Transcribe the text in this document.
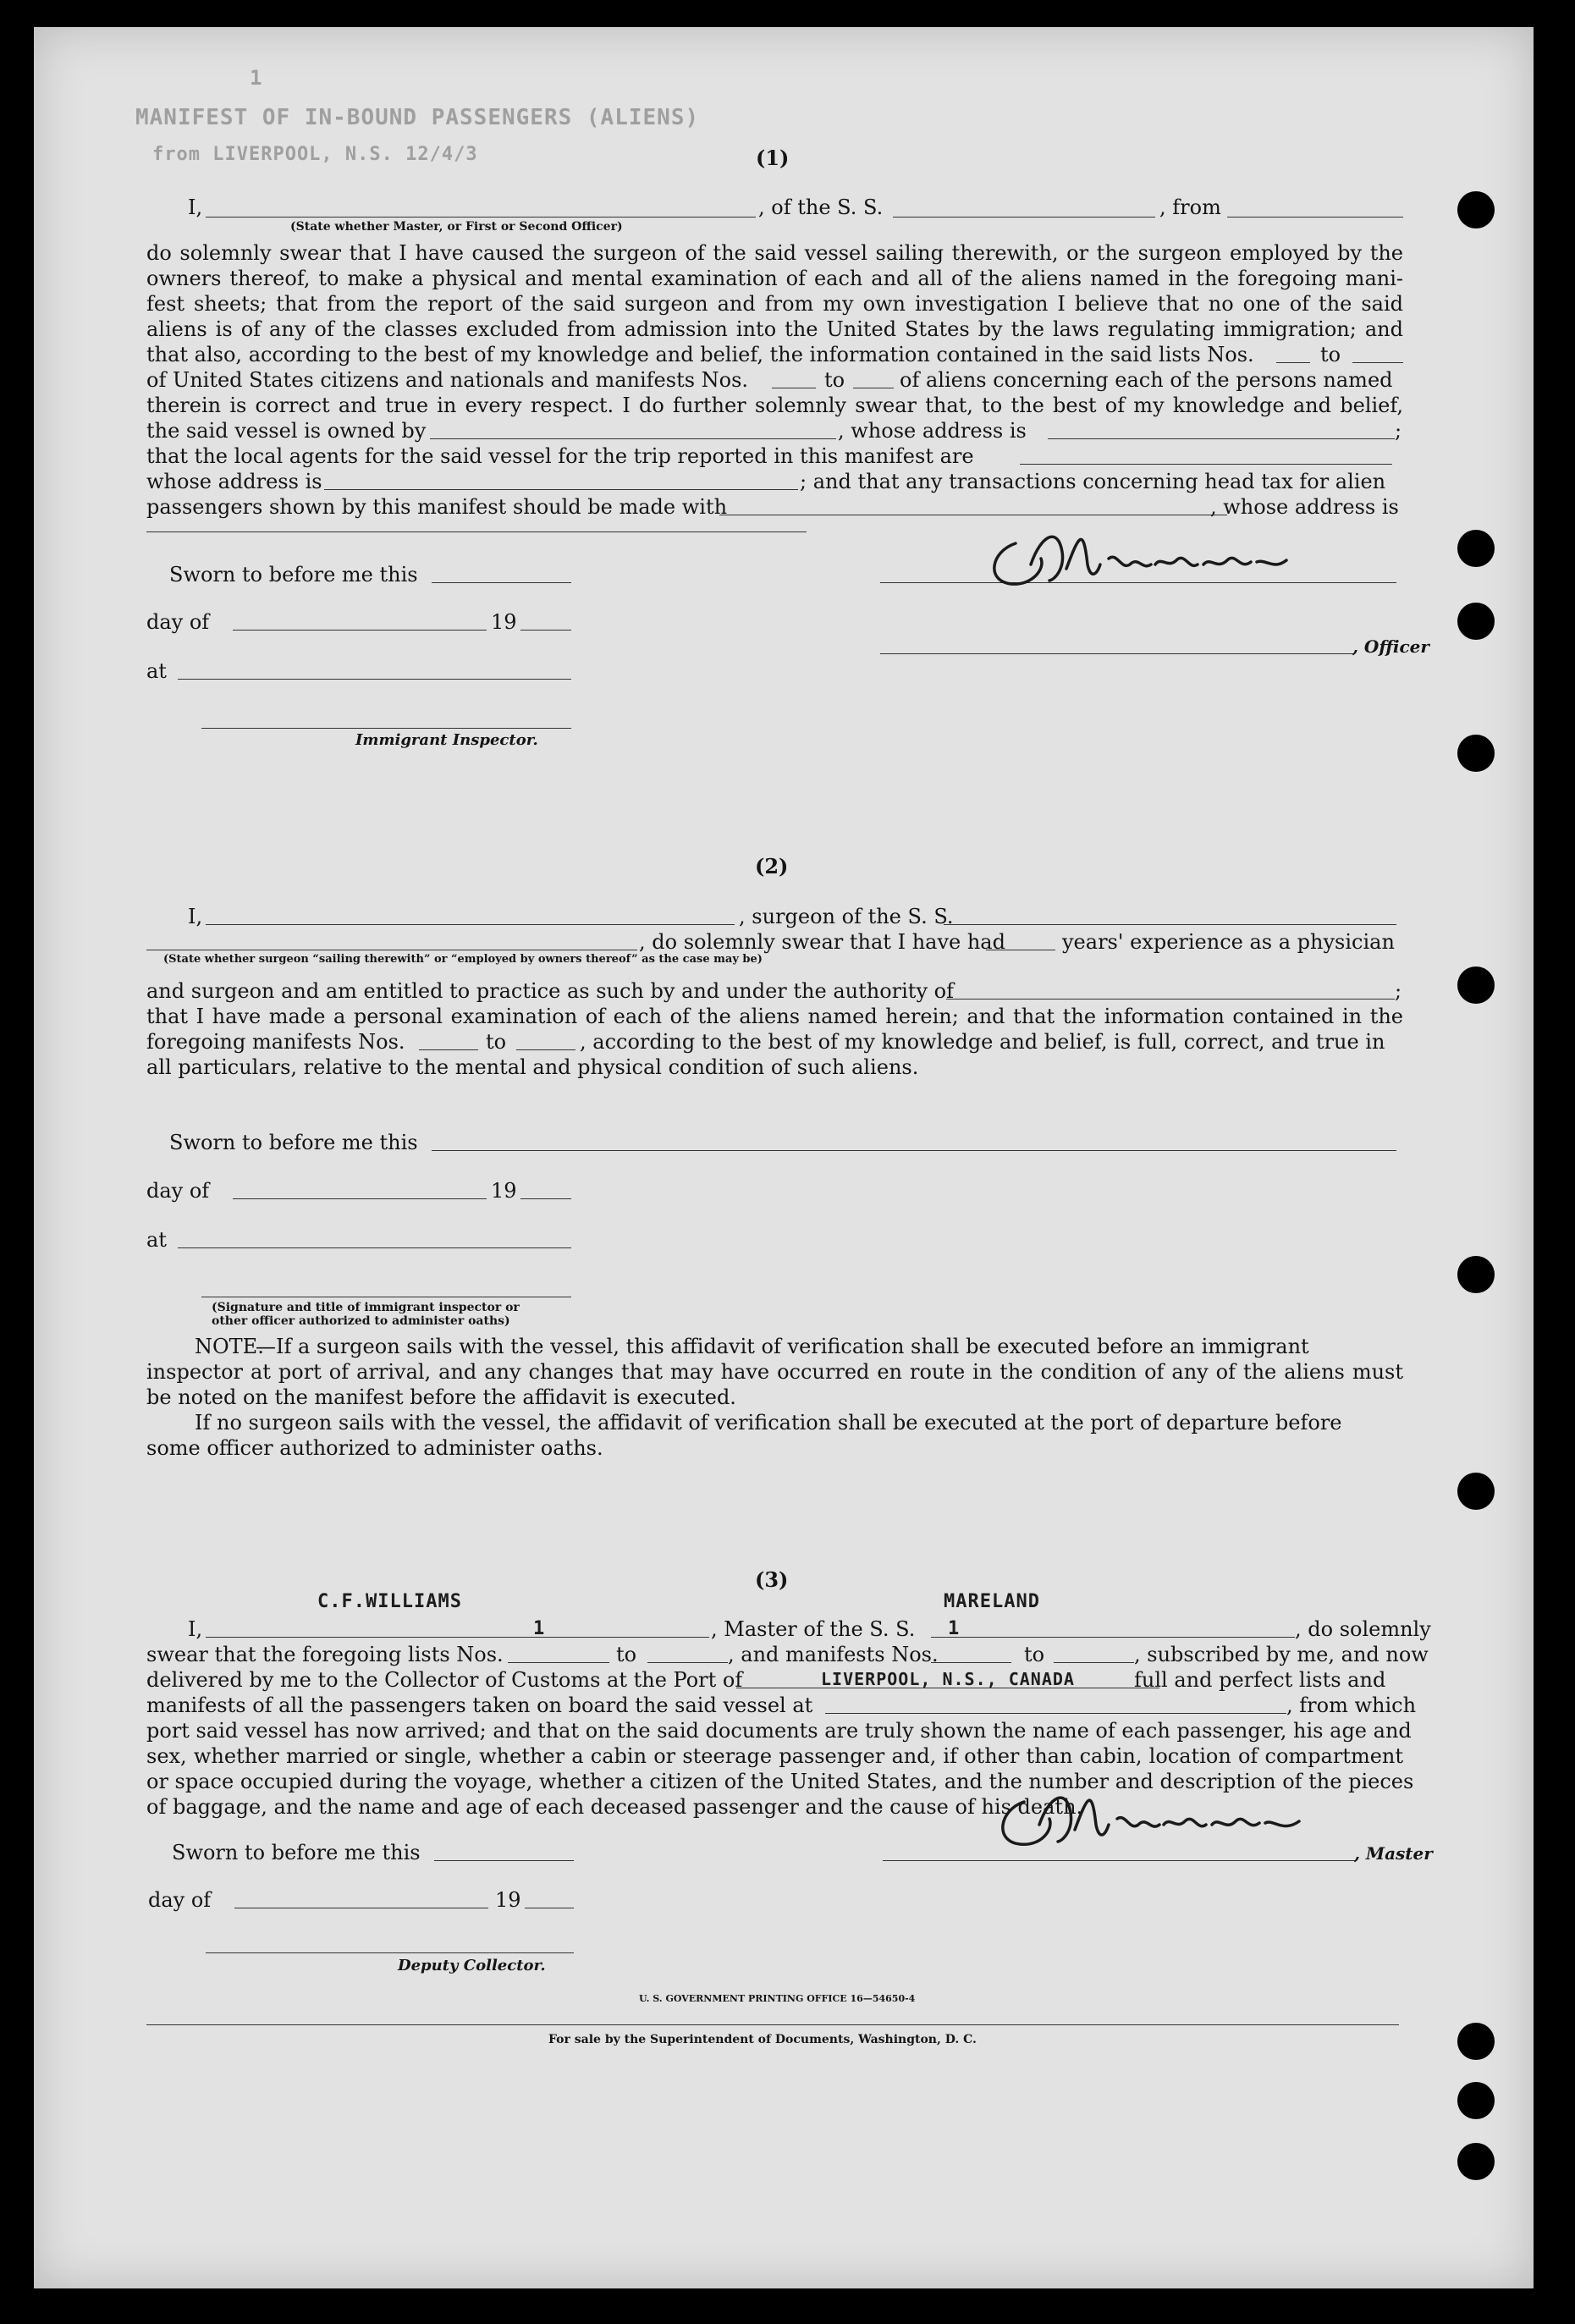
1
MANIFEST OF IN-BOUND PASSENGERS (ALIENS)
from LIVERPOOL, N.S. 12/4/3	(1)
I,	, of the S. S.	, from
(State whether Master, or First or Second Officer)
do solemnly swear that I have caused the surgeon of the said vessel sailing therewith, or the surgeon employed by the
owners thereof, to make a physical and mental examination of each and all of the aliens named in the foregoing mani-
fest sheets; that from the report of the said surgeon and from my own investigation I believe that no one of the said
aliens is of any of the classes excluded from admission into the United States by the laws regulating immigration; and
that also, according to the best of my knowledge and belief, the information contained in the said lists Nos.	to
of United States citizens and nationals and manifests Nos.	to	of aliens concerning each of the persons named
therein is correct and true in every respect. I do further solemnly swear that, to the best of my knowledge and belief,
the said vessel is owned by	, whose address is	;
that the local agents for the said vessel for the trip reported in this manifest are
whose address is	; and that any transactions concerning head tax for alien
passengers shown by this manifest should be made with	, whose address is
Sworn to before me this
day of	19
, Officer
at
Immigrant Inspector.
(2)
I,	, surgeon of the S. S.
, do solemnly swear that I have had	years' experience as a physician
(State whether surgeon “sailing therewith” or “employed by owners thereof” as the case may be)
and surgeon and am entitled to practice as such by and under the authority of	;
that I have made a personal examination of each of the aliens named herein; and that the information contained in the
foregoing manifests Nos.	to	, according to the best of my knowledge and belief, is full, correct, and true in
all particulars, relative to the mental and physical condition of such aliens.
Sworn to before me this
day of	19
at
(Signature and title of immigrant inspector or
other officer authorized to administer oaths)
NOTE.
—If a surgeon sails with the vessel, this affidavit of verification shall be executed before an immigrant
inspector at port of arrival, and any changes that may have occurred en route in the condition of any of the aliens must
be noted on the manifest before the affidavit is executed.
If no surgeon sails with the vessel, the affidavit of verification shall be executed at the port of departure before
some officer authorized to administer oaths.
(3)
I,
C.F.WILLIAMS
, Master of the S. S.
MARELAND
, do solemnly
swear that the foregoing lists Nos.
1
to	, and manifests Nos.
1
to	, subscribed by me, and now
delivered by me to the Collector of Customs at the Port of	LIVERPOOL, N.S., CANADA	full and perfect lists and
manifests of all the passengers taken on board the said vessel at	, from which
port said vessel has now arrived; and that on the said documents are truly shown the name of each passenger, his age and
sex, whether married or single, whether a cabin or steerage passenger and, if other than cabin, location of compartment
or space occupied during the voyage, whether a citizen of the United States, and the number and description of the pieces
of baggage, and the name and age of each deceased passenger and the cause of his death.
Sworn to before me this	, Master
day of	19
Deputy Collector.
U. S. GOVERNMENT PRINTING OFFICE 16—54650-4
For sale by the Superintendent of Documents, Washington, D. C.
